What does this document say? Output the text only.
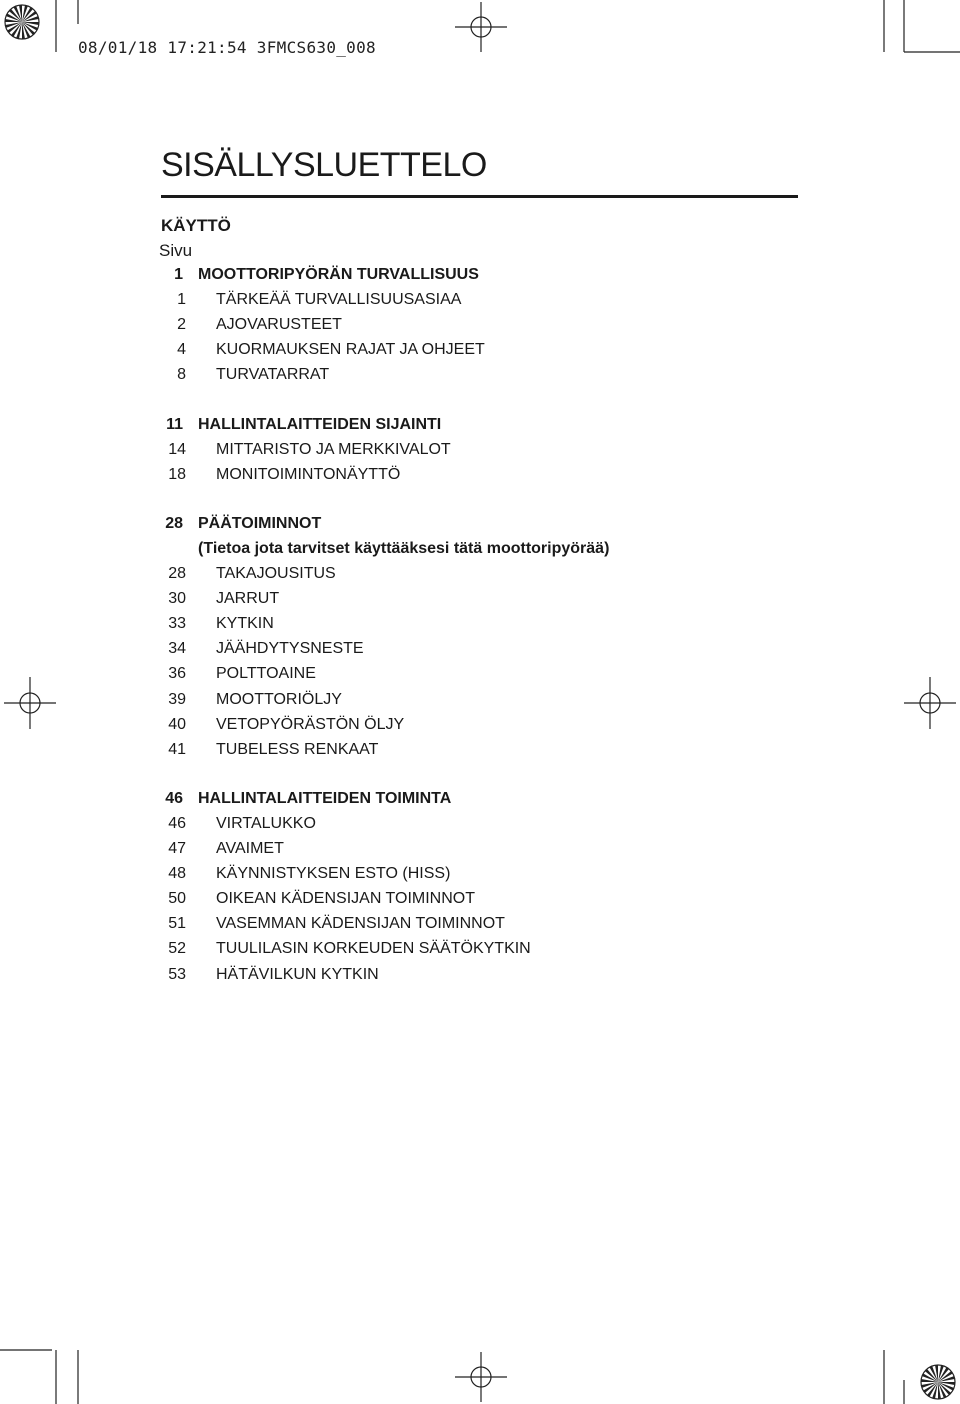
08/01/18 17:21:54 3FMCS630_008
SISÄLLYSLUETTELO
KÄYTTÖ
Sivu
1 MOOTTORIPYÖRÄN TURVALLISUUS
1 TÄRKEÄÄ TURVALLISUUSASIAA
2 AJOVARUSTEET
4 KUORMAUKSEN RAJAT JA OHJEET
8 TURVATARRAT
11 HALLINTALAITTEIDEN SIJAINTI
14 MITTARISTO JA MERKKIVALOT
18 MONITOIMINTONÄYTTÖ
28 PÄÄTOIMINNOT
(Tietoa jota tarvitset käyttääksesi tätä moottoripyörää)
28 TAKAJOUSITUS
30 JARRUT
33 KYTKIN
34 JÄÄHDYTYSNESTE
36 POLTTOAINE
39 MOOTTORIÖLJY
40 VETOPYÖRÄSTÖN ÖLJY
41 TUBELESS RENKAAT
46 HALLINTALAITTEIDEN TOIMINTA
46 VIRTALUKKO
47 AVAIMET
48 KÄYNNISTYKSEN ESTO (HISS)
50 OIKEAN KÄDENSIJAN TOIMINNOT
51 VASEMMAN KÄDENSIJAN TOIMINNOT
52 TUULILASIN KORKEUDEN SÄÄTÖKYTKIN
53 HÄTÄVILKUN KYTKIN
